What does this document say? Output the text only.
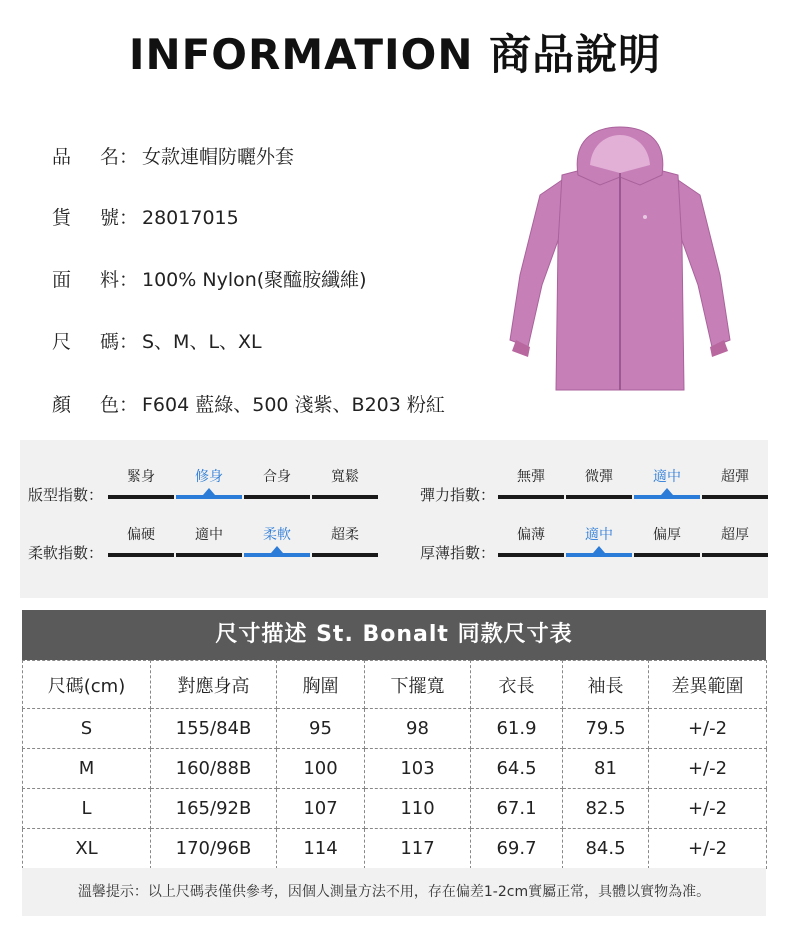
INFORMATION 商品說明
品 名： 女款連帽防曬外套
貨 號： 28017015
面 料： 100% Nylon(聚醯胺纖維)
尺 碼： S、M、L、XL
顏 色： F604 藍綠、500 淺紫、B203 粉紅
版型指數：
緊身	修身	合身	寬鬆
彈力指數：
無彈	微彈	適中	超彈
柔軟指數：
偏硬	適中	柔軟	超柔
厚薄指數：
偏薄	適中	偏厚	超厚
尺寸描述 St. Bonalt 同款尺寸表
尺碼(cm)	對應身高	胸圍	下擺寬	衣長	袖長	差異範圍
S	155/84B	95	98	61.9	79.5	+/-2
M	160/88B	100	103	64.5	81	+/-2
L	165/92B	107	110	67.1	82.5	+/-2
XL	170/96B	114	117	69.7	84.5	+/-2
溫馨提示：以上尺碼表僅供參考，因個人測量方法不用，存在偏差1-2cm實屬正常，具體以實物為准。
